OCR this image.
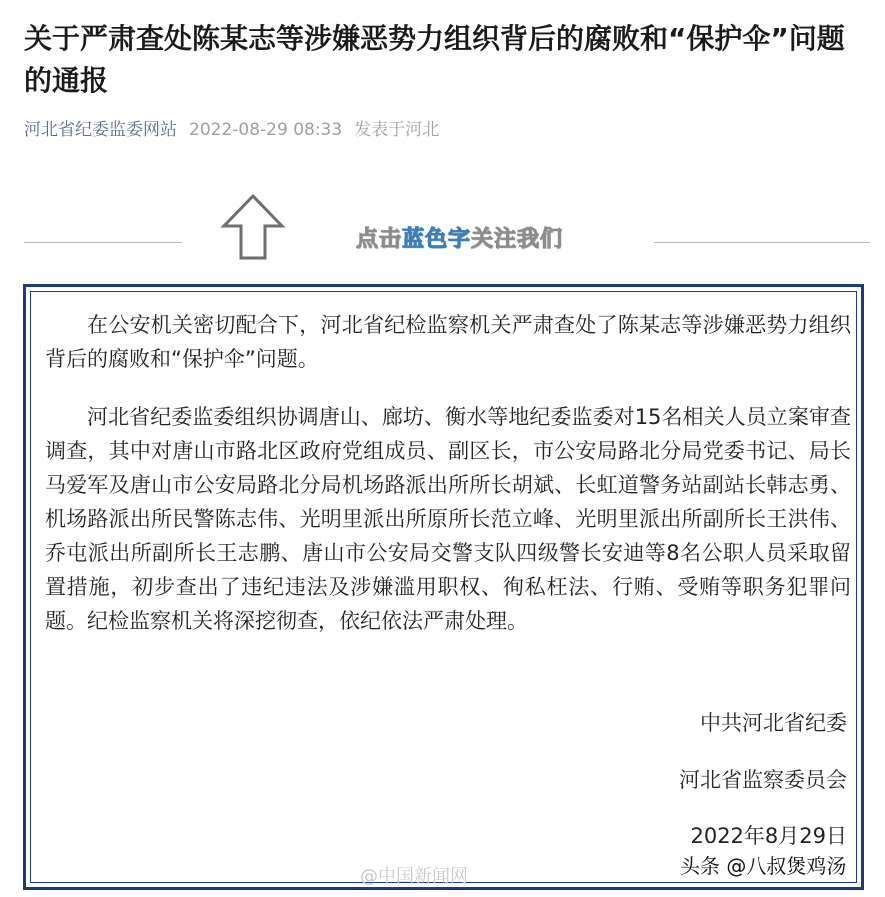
关于严肃查处陈某志等涉嫌恶势力组织背后的腐败和“保护伞”问题的通报
河北省纪委监委网站 2022-08-29 08:33 发表于河北
点击蓝色字关注我们

在公安机关密切配合下，河北省纪检监察机关严肃查处了陈某志等涉嫌恶势力组织背后的腐败和“保护伞”问题。

河北省纪委监委组织协调唐山、廊坊、衡水等地纪委监委对15名相关人员立案审查调查，其中对唐山市路北区政府党组成员、副区长，市公安局路北分局党委书记、局长马爱军及唐山市公安局路北分局机场路派出所所长胡斌、长虹道警务站副站长韩志勇、机场路派出所民警陈志伟、光明里派出所原所长范立峰、光明里派出所副所长王洪伟、乔屯派出所副所长王志鹏、唐山市公安局交警支队四级警长安迪等8名公职人员采取留置措施，初步查出了违纪违法及涉嫌滥用职权、徇私枉法、行贿、受贿等职务犯罪问题。纪检监察机关将深挖彻查，依纪依法严肃处理。

中共河北省纪委
河北省监察委员会
2022年8月29日
@中国新闻网	头条 @八叔煲鸡汤
